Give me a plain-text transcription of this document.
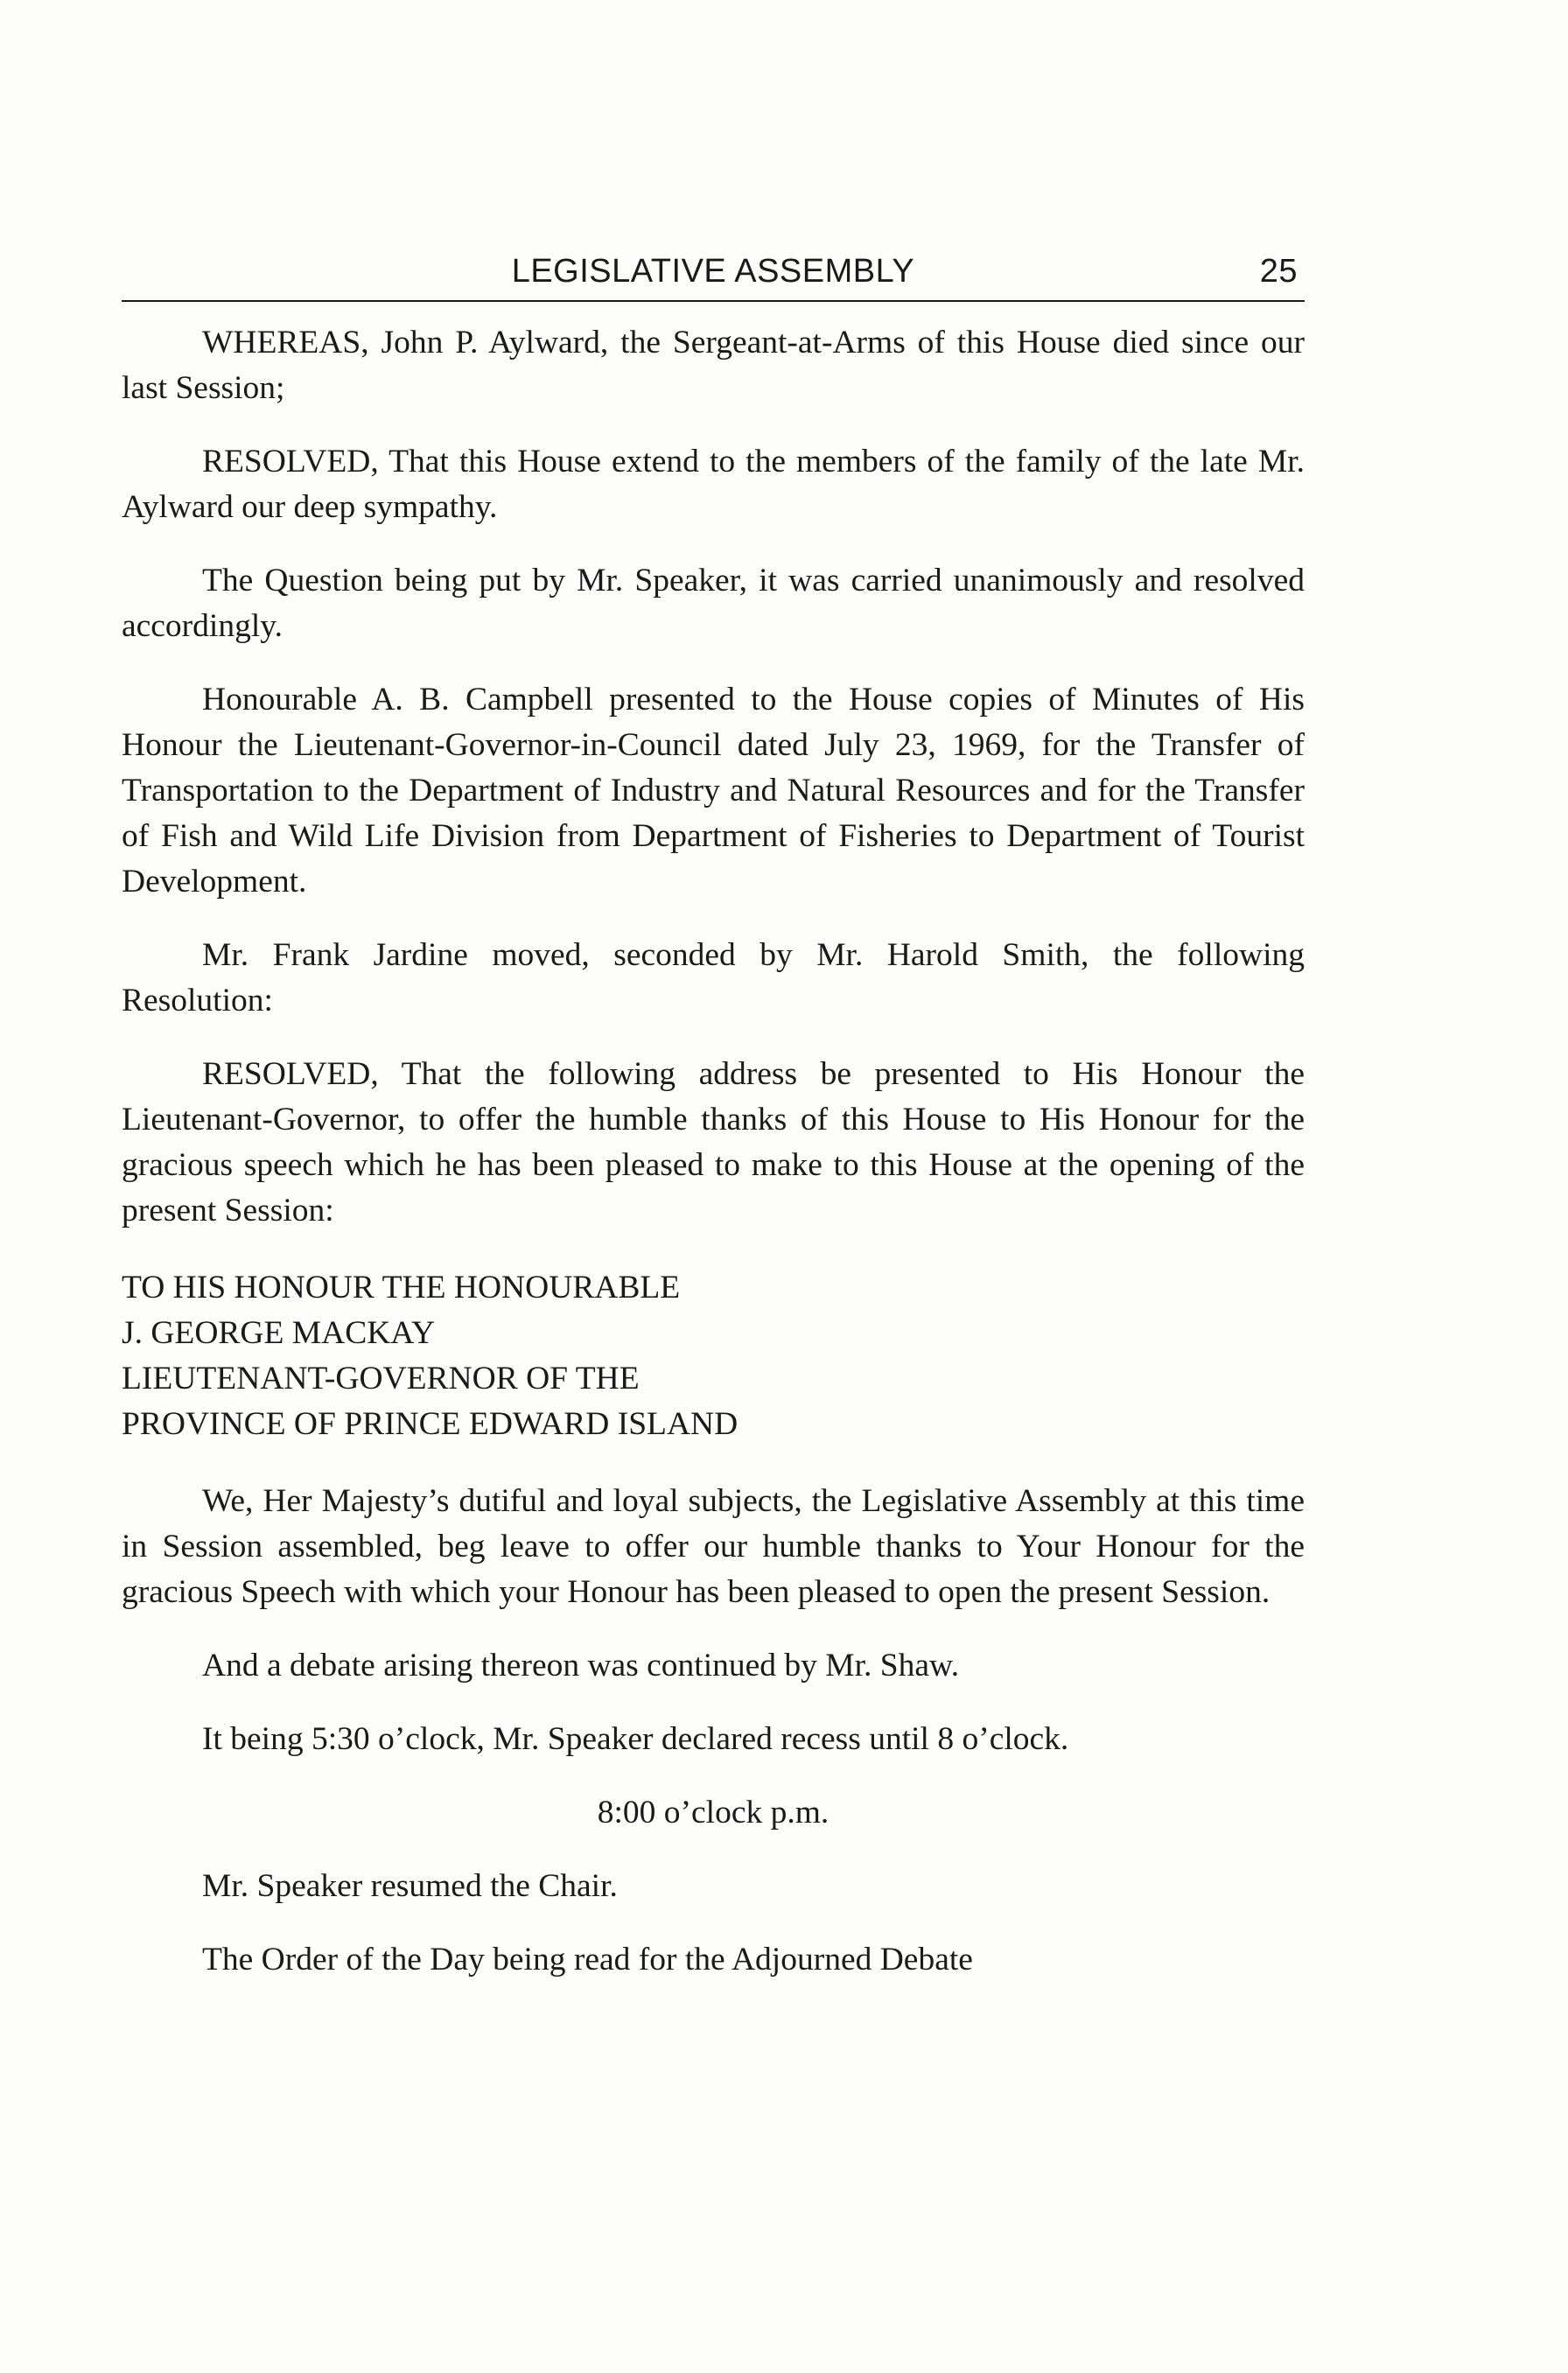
LEGISLATIVE ASSEMBLY	25

WHEREAS, John P. Aylward, the Sergeant-at-Arms of this House died since our last Session;

RESOLVED, That this House extend to the members of the family of the late Mr. Aylward our deep sympathy.

The Question being put by Mr. Speaker, it was carried unanimously and resolved accordingly.

Honourable A. B. Campbell presented to the House copies of Minutes of His Honour the Lieutenant-Governor-in-Council dated July 23, 1969, for the Transfer of Transportation to the Department of Industry and Natural Resources and for the Transfer of Fish and Wild Life Division from Department of Fisheries to Department of Tourist Development.

Mr. Frank Jardine moved, seconded by Mr. Harold Smith, the following Resolution:

RESOLVED, That the following address be presented to His Honour the Lieutenant-Governor, to offer the humble thanks of this House to His Honour for the gracious speech which he has been pleased to make to this House at the opening of the present Session:

TO HIS HONOUR THE HONOURABLE
J. GEORGE MACKAY
LIEUTENANT-GOVERNOR OF THE
PROVINCE OF PRINCE EDWARD ISLAND

We, Her Majesty’s dutiful and loyal subjects, the Legislative Assembly at this time in Session assembled, beg leave to offer our humble thanks to Your Honour for the gracious Speech with which your Honour has been pleased to open the present Session.

And a debate arising thereon was continued by Mr. Shaw.

It being 5:30 o’clock, Mr. Speaker declared recess until 8 o’clock.

8:00 o’clock p.m.

Mr. Speaker resumed the Chair.

The Order of the Day being read for the Adjourned Debate
